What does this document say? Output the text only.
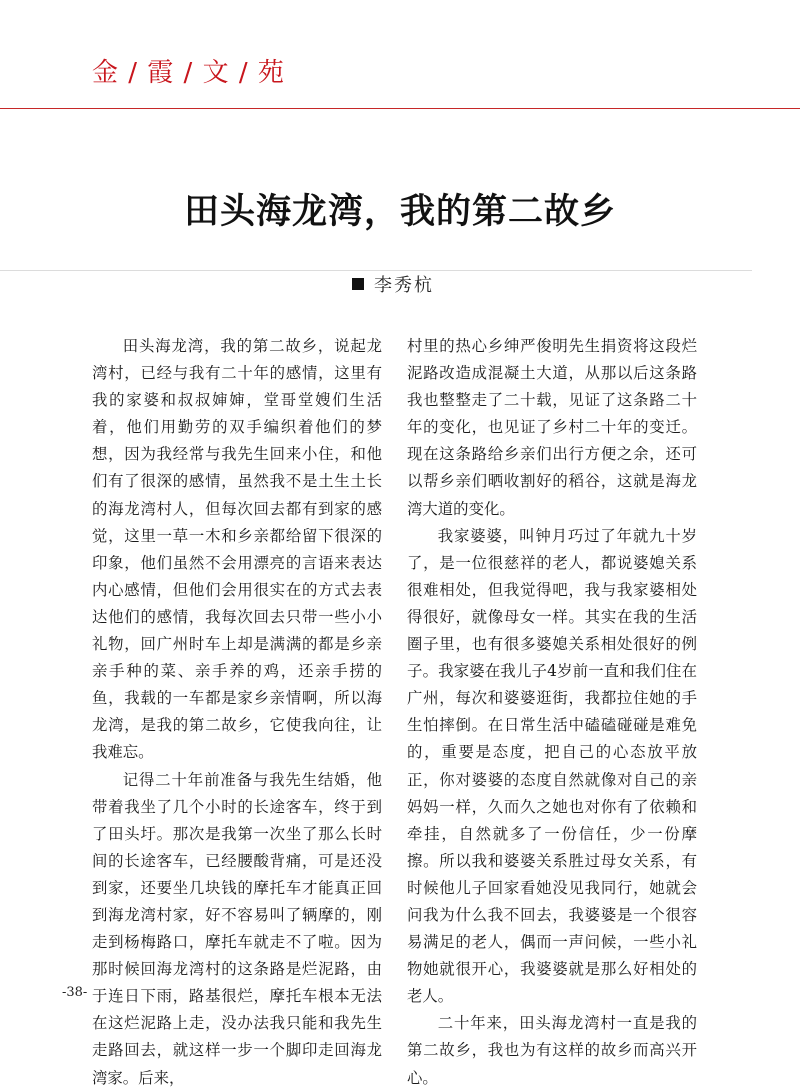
金 / 霞 / 文 / 苑
田头海龙湾，我的第二故乡
李秀杭

田头海龙湾，我的第二故乡，说起龙湾村，已经与我有二十年的感情，这里有我的家婆和叔叔婶婶，堂哥堂嫂们生活着，他们用勤劳的双手编织着他们的梦想，因为我经常与我先生回来小住，和他们有了很深的感情，虽然我不是土生土长的海龙湾村人，但每次回去都有到家的感觉，这里一草一木和乡亲都给留下很深的印象，他们虽然不会用漂亮的言语来表达内心感情，但他们会用很实在的方式去表达他们的感情，我每次回去只带一些小小礼物，回广州时车上却是满满的都是乡亲亲手种的菜、亲手养的鸡，还亲手捞的鱼，我载的一车都是家乡亲情啊，所以海龙湾，是我的第二故乡，它使我向往，让我难忘。

记得二十年前准备与我先生结婚，他带着我坐了几个小时的长途客车，终于到了田头圩。那次是我第一次坐了那么长时间的长途客车，已经腰酸背痛，可是还没到家，还要坐几块钱的摩托车才能真正回到海龙湾村家，好不容易叫了辆摩的，刚走到杨梅路口，摩托车就走不了啦。因为那时候回海龙湾村的这条路是烂泥路，由于连日下雨，路基很烂，摩托车根本无法在这烂泥路上走，没办法我只能和我先生走路回去，就这样一步一个脚印走回海龙湾家。后来，

村里的热心乡绅严俊明先生捐资将这段烂泥路改造成混凝土大道，从那以后这条路我也整整走了二十载，见证了这条路二十年的变化，也见证了乡村二十年的变迁。现在这条路给乡亲们出行方便之余，还可以帮乡亲们晒收割好的稻谷，这就是海龙湾大道的变化。

我家婆婆，叫钟月巧过了年就九十岁了，是一位很慈祥的老人，都说婆媳关系很难相处，但我觉得吧，我与我家婆相处得很好，就像母女一样。其实在我的生活圈子里，也有很多婆媳关系相处很好的例子。我家婆在我儿子4岁前一直和我们住在广州，每次和婆婆逛街，我都拉住她的手生怕摔倒。在日常生活中磕磕碰碰是难免的，重要是态度，把自己的心态放平放正，你对婆婆的态度自然就像对自己的亲妈妈一样，久而久之她也对你有了依赖和牵挂，自然就多了一份信任，少一份摩擦。所以我和婆婆关系胜过母女关系，有时候他儿子回家看她没见我同行，她就会问我为什么我不回去，我婆婆是一个很容易满足的老人，偶而一声问候，一些小礼物她就很开心，我婆婆就是那么好相处的老人。

二十年来，田头海龙湾村一直是我的第二故乡，我也为有这样的故乡而高兴开心。

-38-
